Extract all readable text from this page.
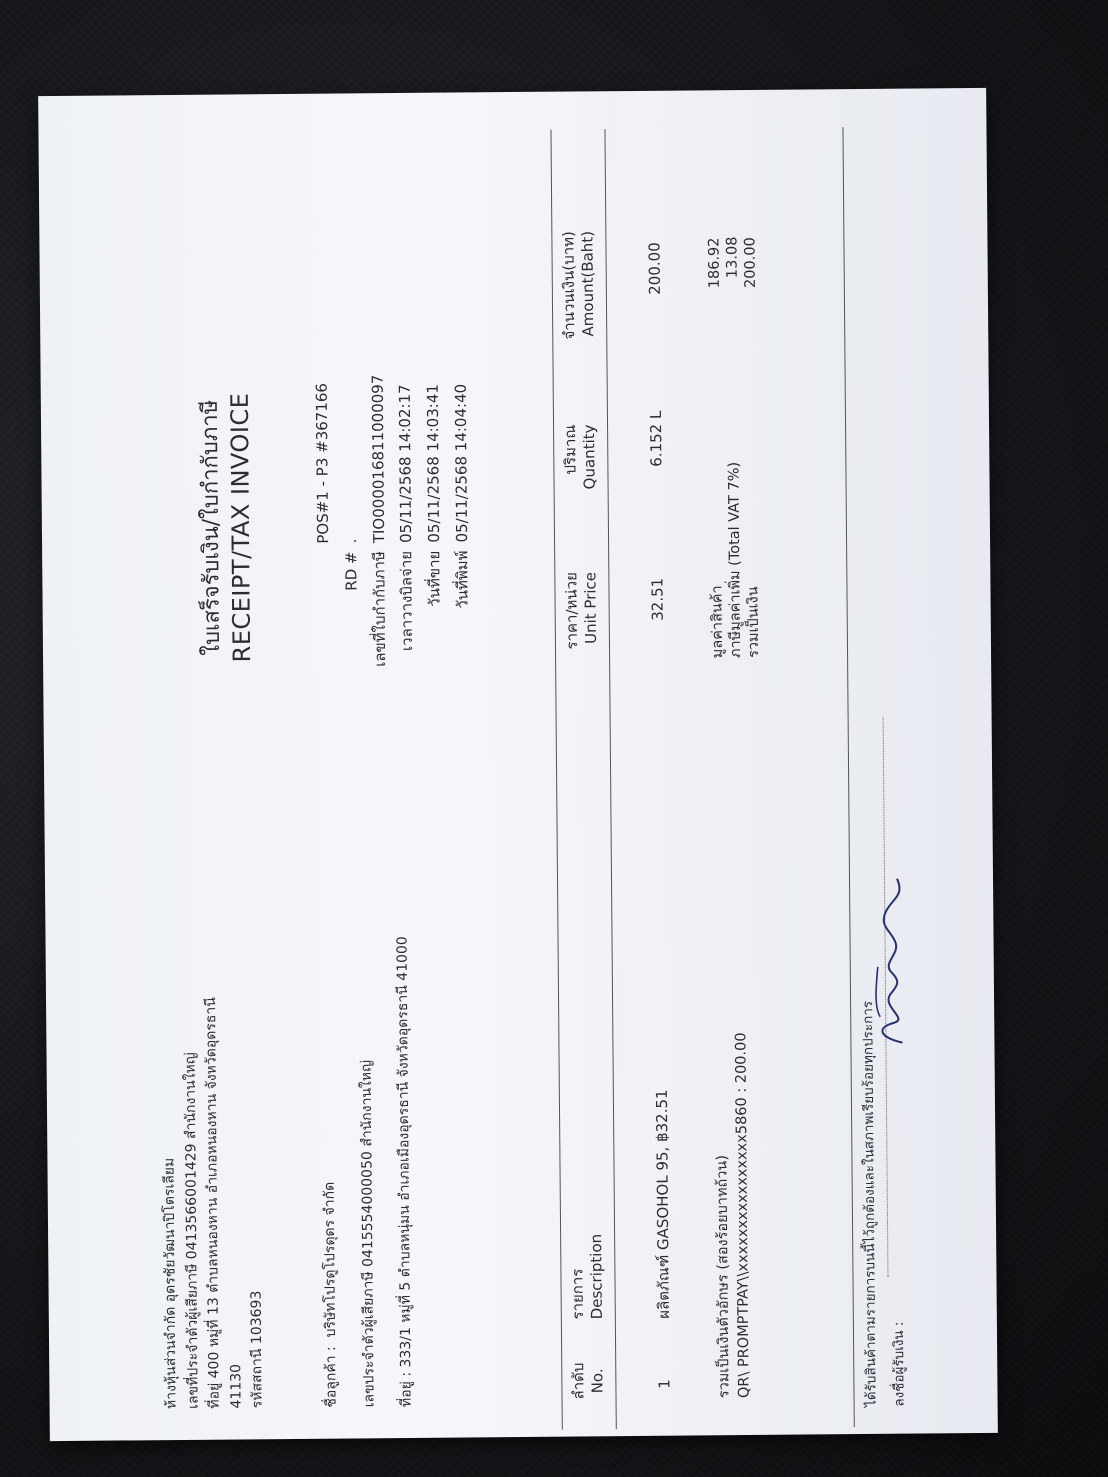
ห้างหุ้นส่วนจำกัด อุดรชัยวัฒนาปิโตรเลียม เลขที่ประจำตัวผู้เสียภาษี 0413566001429 สำนักงานใหญ่ ที่อยู่ 400 หมู่ที่ 13 ตำบลหนองหาน อำเภอหนองหาน จังหวัดอุดรธานี 41130 รหัสสถานี 103693
ใบเสร็จรับเงิน/ใบกำกับภาษี RECEIPT/TAX INVOICE
ชื่อลูกค้า :  บริษัทโปรดูโปรดุดร จำกัด เลขประจำตัวผู้เสียภาษี 0415554000050 สำนักงานใหญ่ ที่อยู่ : 333/1 หมู่ที่ 5 ตำบลหนุ่มน อำเภอเมืองอุดรธานี จังหวัดอุดรธานี 41000
POS#1 - P3 #367166
RD #
.
เลขที่ใบกำกับภาษี
TIO00001681100009​7
เวลาวางบิลจ่าย
05/11/2568 14:02:17
วันที่ขาย
05/11/2568 14:03:41
วันที่พิมพ์
05/11/2568 14:04:40
ลำดับ No.
รายการ Description
ราคา/หน่วย Unit Price
ปริมาณ Quantity
จำนวนเงิน(บาท) Amount(Baht)
1
ผลิตภัณฑ์ GASOHOL 95, ฿32.51
32.51
6.152 L
200.00
รวมเป็นเงินตัวอักษร (สองร้อยบาทถ้วน) QR\ PROMPTPAY\\xxxxxxxxxxxxxxxx5860 : 200.00
มูลค่าสินค้า ภาษีมูลค่าเพิ่ม (Total VAT 7%) รวมเป็นเงิน
186.92 13.08 200.00
ได้รับสินค้าตามรายการบนนี้ไว้ถูกต้องและในสภาพเรียบร้อยทุกประการ ลงชื่อผู้รับเงิน :
